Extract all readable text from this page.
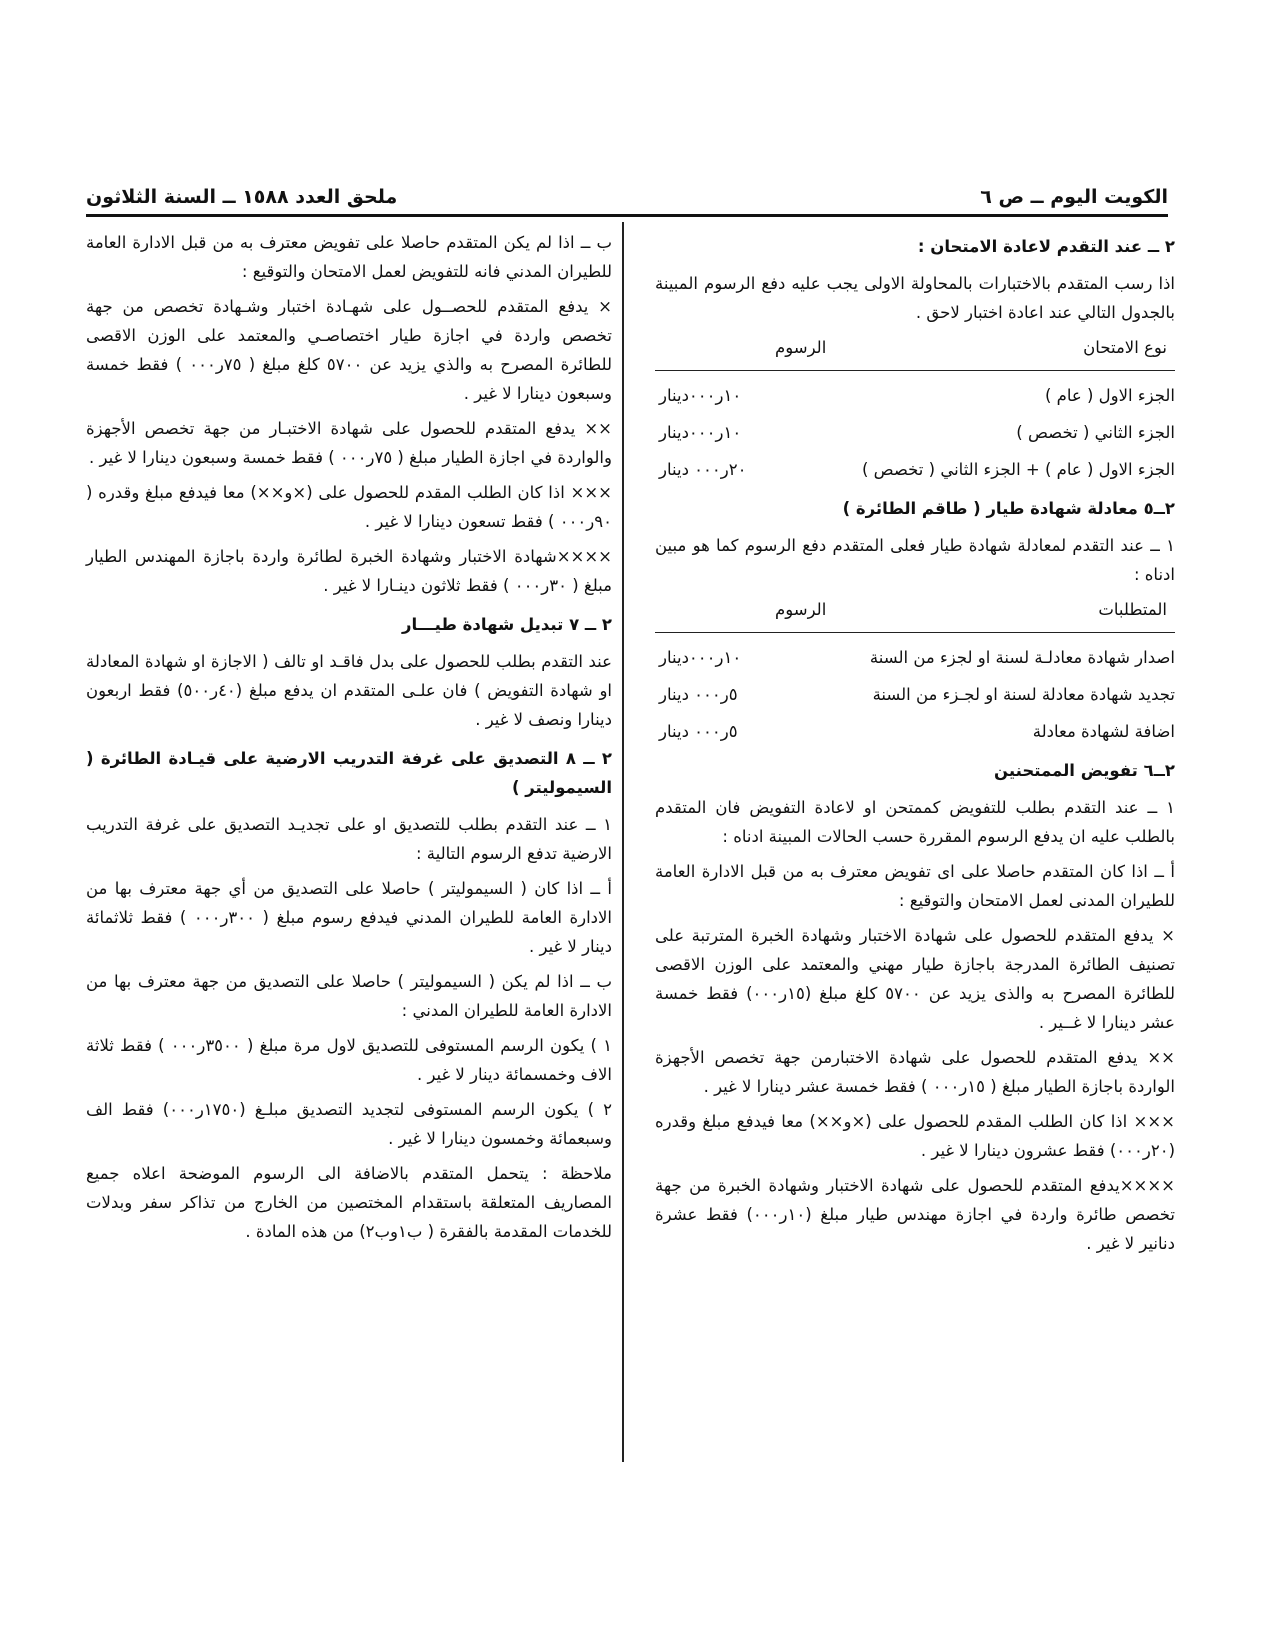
الكويت اليوم ــ ص ٦
ملحق العدد ١٥٨٨ ــ السنة الثلاثون

٢ ــ عند التقدم لاعادة الامتحان :

اذا رسب المتقدم بالاختبارات بالمحاولة الاولى يجب عليه دفع الرسوم المبينة بالجدول التالي عند اعادة اختبار لاحق .

نوع الامتحان
الرسوم
الجزء الاول ( عام )
١٠ر٠٠٠دينار
الجزء الثاني ( تخصص )
١٠ر٠٠٠دينار
الجزء الاول ( عام ) + الجزء الثاني ( تخصص )
٢٠ر٠٠٠ دينار

٢ــ٥ معادلة شهادة طيار ( طاقم الطائرة )

١ ــ عند التقدم لمعادلة شهادة طيار فعلى المتقدم دفع الرسوم كما هو مبين ادناه :

المتطلبات
الرسوم
اصدار شهادة معادلـة لسنة او لجزء من السنة
١٠ر٠٠٠دينار
تجديد شهادة معادلة لسنة او لجـزء من السنة
٥ر٠٠٠ دينار
اضافة لشهادة معادلة
٥ر٠٠٠ دينار

٢ــ٦ تفويض الممتحنين

١ ــ عند التقدم بطلب للتفويض كممتحن او لاعادة التفويض فان المتقدم بالطلب عليه ان يدفع الرسوم المقررة حسب الحالات المبينة ادناه :

أ ــ اذا كان المتقدم حاصلا على اى تفويض معترف به من قبل الادارة العامة للطيران المدنى لعمل الامتحان والتوقيع :

× يدفع المتقدم للحصول على شهادة الاختبار وشهادة الخبرة المترتبة على تصنيف الطائرة المدرجة باجازة طيار مهني والمعتمد على الوزن الاقصى للطائرة المصرح به والذى يزيد عن ٥٧٠٠ كلغ مبلغ (١٥ر٠٠٠) فقط خمسة عشر دينارا لا غــير .

×× يدفع المتقدم للحصول على شهادة الاختبارمن جهة تخصص الأجهزة الواردة باجازة الطيار مبلغ ( ١٥ر٠٠٠ ) فقط خمسة عشر دينارا لا غير .

××× اذا كان الطلب المقدم للحصول على (×و××) معا فيدفع مبلغ وقدره (٢٠ر٠٠٠) فقط عشرون دينارا لا غير .

××××يدفع المتقدم للحصول على شهادة الاختبار وشهادة الخبرة من جهة تخصص طائرة واردة في اجازة مهندس طيار مبلغ (١٠ر٠٠٠) فقط عشرة دنانير لا غير .

ب ــ اذا لم يكن المتقدم حاصلا على تفويض معترف به من قبل الادارة العامة للطيران المدني فانه للتفويض لعمل الامتحان والتوقيع :

× يدفع المتقدم للحصــول على شهـادة اختبار وشـهادة تخصص من جهة تخصص واردة في اجازة طيار اختصاصـي والمعتمد على الوزن الاقصى للطائرة المصرح به والذي يزيد عن ٥٧٠٠ كلغ مبلغ ( ٧٥ر٠٠٠ ) فقط خمسة وسبعون دينارا لا غير .

×× يدفع المتقدم للحصول على شهادة الاختبـار من جهة تخصص الأجهزة والواردة في اجازة الطيار مبلغ ( ٧٥ر٠٠٠ ) فقط خمسة وسبعون دينارا لا غير .

××× اذا كان الطلب المقدم للحصول على (×و××) معا فيدفع مبلغ وقدره ( ٩٠ر٠٠٠ ) فقط تسعون دينارا لا غير .

××××شهادة الاختبار وشهادة الخبرة لطائرة واردة باجازة المهندس الطيار مبلغ ( ٣٠ر٠٠٠ ) فقط ثلاثون دينـارا لا غير .

٢ ــ ٧ تبديل شهادة طيـــار

عند التقدم بطلب للحصول على بدل فاقـد او تالف ( الاجازة او شهادة المعادلة او شهادة التفويض ) فان علـى المتقدم ان يدفع مبلغ (٤٠ر٥٠٠) فقط اربعون دينارا ونصف لا غير .

٢ ــ ٨ التصديق على غرفة التدريب الارضية على قيـادة الطائرة ( السيموليتر )

١ ــ عند التقدم بطلب للتصديق او على تجديـد التصديق على غرفة التدريب الارضية تدفع الرسوم التالية :

أ ــ اذا كان ( السيموليتر ) حاصلا على التصديق من أي جهة معترف بها من الادارة العامة للطيران المدني فيدفع رسوم مبلغ ( ٣٠٠ر٠٠٠ ) فقط ثلاثمائة دينار لا غير .

ب ــ اذا لم يكن ( السيموليتر ) حاصلا على التصديق من جهة معترف بها من الادارة العامة للطيران المدني :

١ ) يكون الرسم المستوفى للتصديق لاول مرة مبلغ ( ٣٥٠٠ر٠٠٠ ) فقط ثلاثة الاف وخمسمائة دينار لا غير .

٢ ) يكون الرسم المستوفى لتجديد التصديق مبلـغ (١٧٥٠ر٠٠٠) فقط الف وسبعمائة وخمسون دينارا لا غير .

ملاحظة : يتحمل المتقدم بالاضافة الى الرسوم الموضحة اعلاه جميع المصاريف المتعلقة باستقدام المختصين من الخارج من تذاكر سفر وبدلات للخدمات المقدمة بالفقرة ( ب١وب٢) من هذه المادة .
